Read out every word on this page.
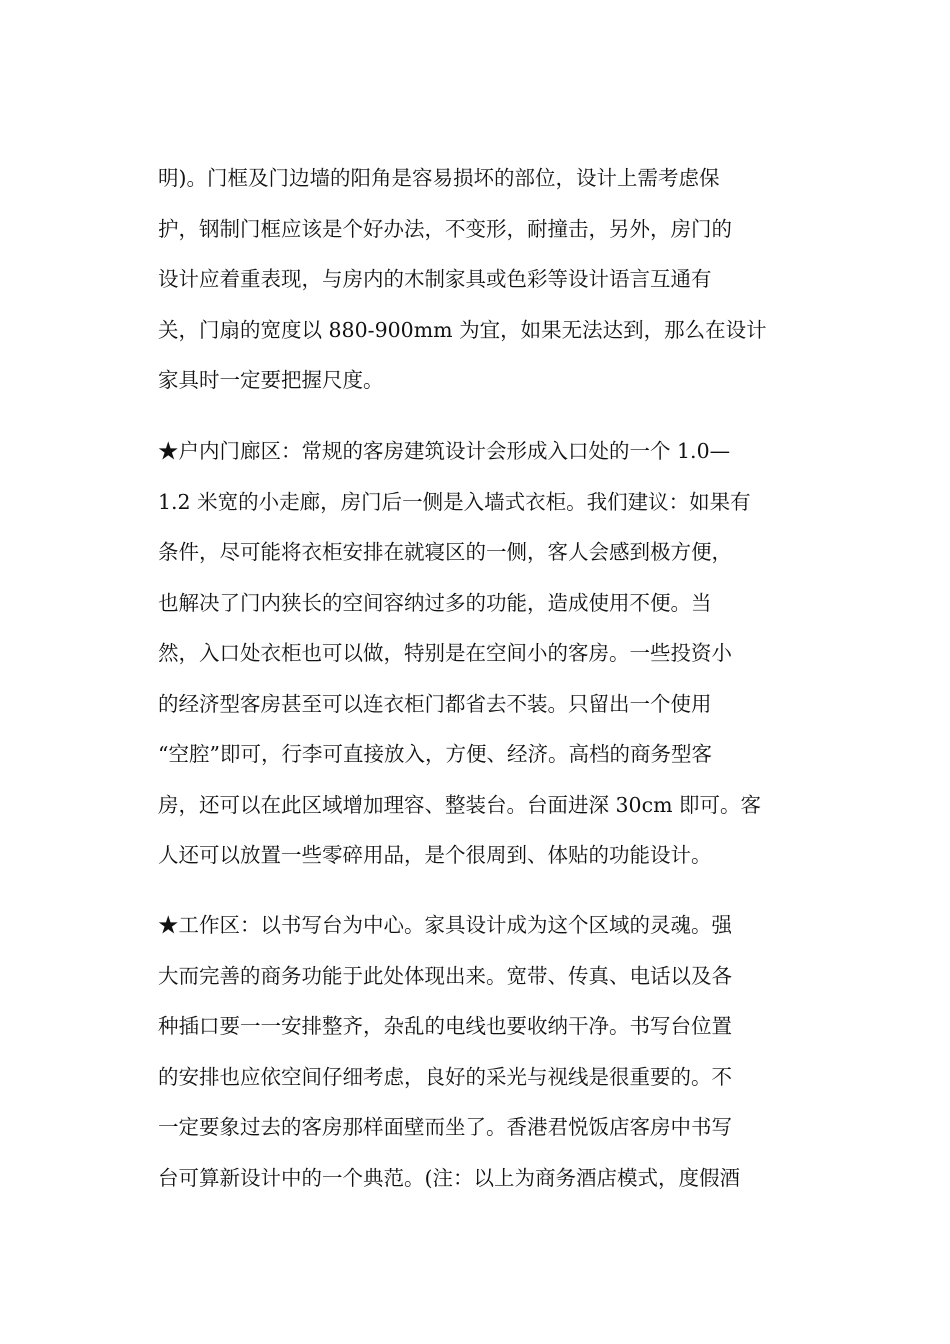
明)。门框及门边墙的阳角是容易损坏的部位，设计上需考虑保
护，钢制门框应该是个好办法，不变形，耐撞击，另外，房门的
设计应着重表现，与房内的木制家具或色彩等设计语言互通有
关，门扇的宽度以 880-900mm 为宜，如果无法达到，那么在设计
家具时一定要把握尺度。
★户内门廊区：常规的客房建筑设计会形成入口处的一个 1.0—
1.2 米宽的小走廊，房门后一侧是入墙式衣柜。我们建议：如果有
条件，尽可能将衣柜安排在就寝区的一侧，客人会感到极方便，
也解决了门内狭长的空间容纳过多的功能，造成使用不便。当
然，入口处衣柜也可以做，特别是在空间小的客房。一些投资小
的经济型客房甚至可以连衣柜门都省去不装。只留出一个使用
“空腔”即可，行李可直接放入，方便、经济。高档的商务型客
房，还可以在此区域增加理容、整装台。台面进深 30cm 即可。客
人还可以放置一些零碎用品，是个很周到、体贴的功能设计。
★工作区：以书写台为中心。家具设计成为这个区域的灵魂。强
大而完善的商务功能于此处体现出来。宽带、传真、电话以及各
种插口要一一安排整齐，杂乱的电线也要收纳干净。书写台位置
的安排也应依空间仔细考虑，良好的采光与视线是很重要的。不
一定要象过去的客房那样面壁而坐了。香港君悦饭店客房中书写
台可算新设计中的一个典范。(注：以上为商务酒店模式，度假酒
